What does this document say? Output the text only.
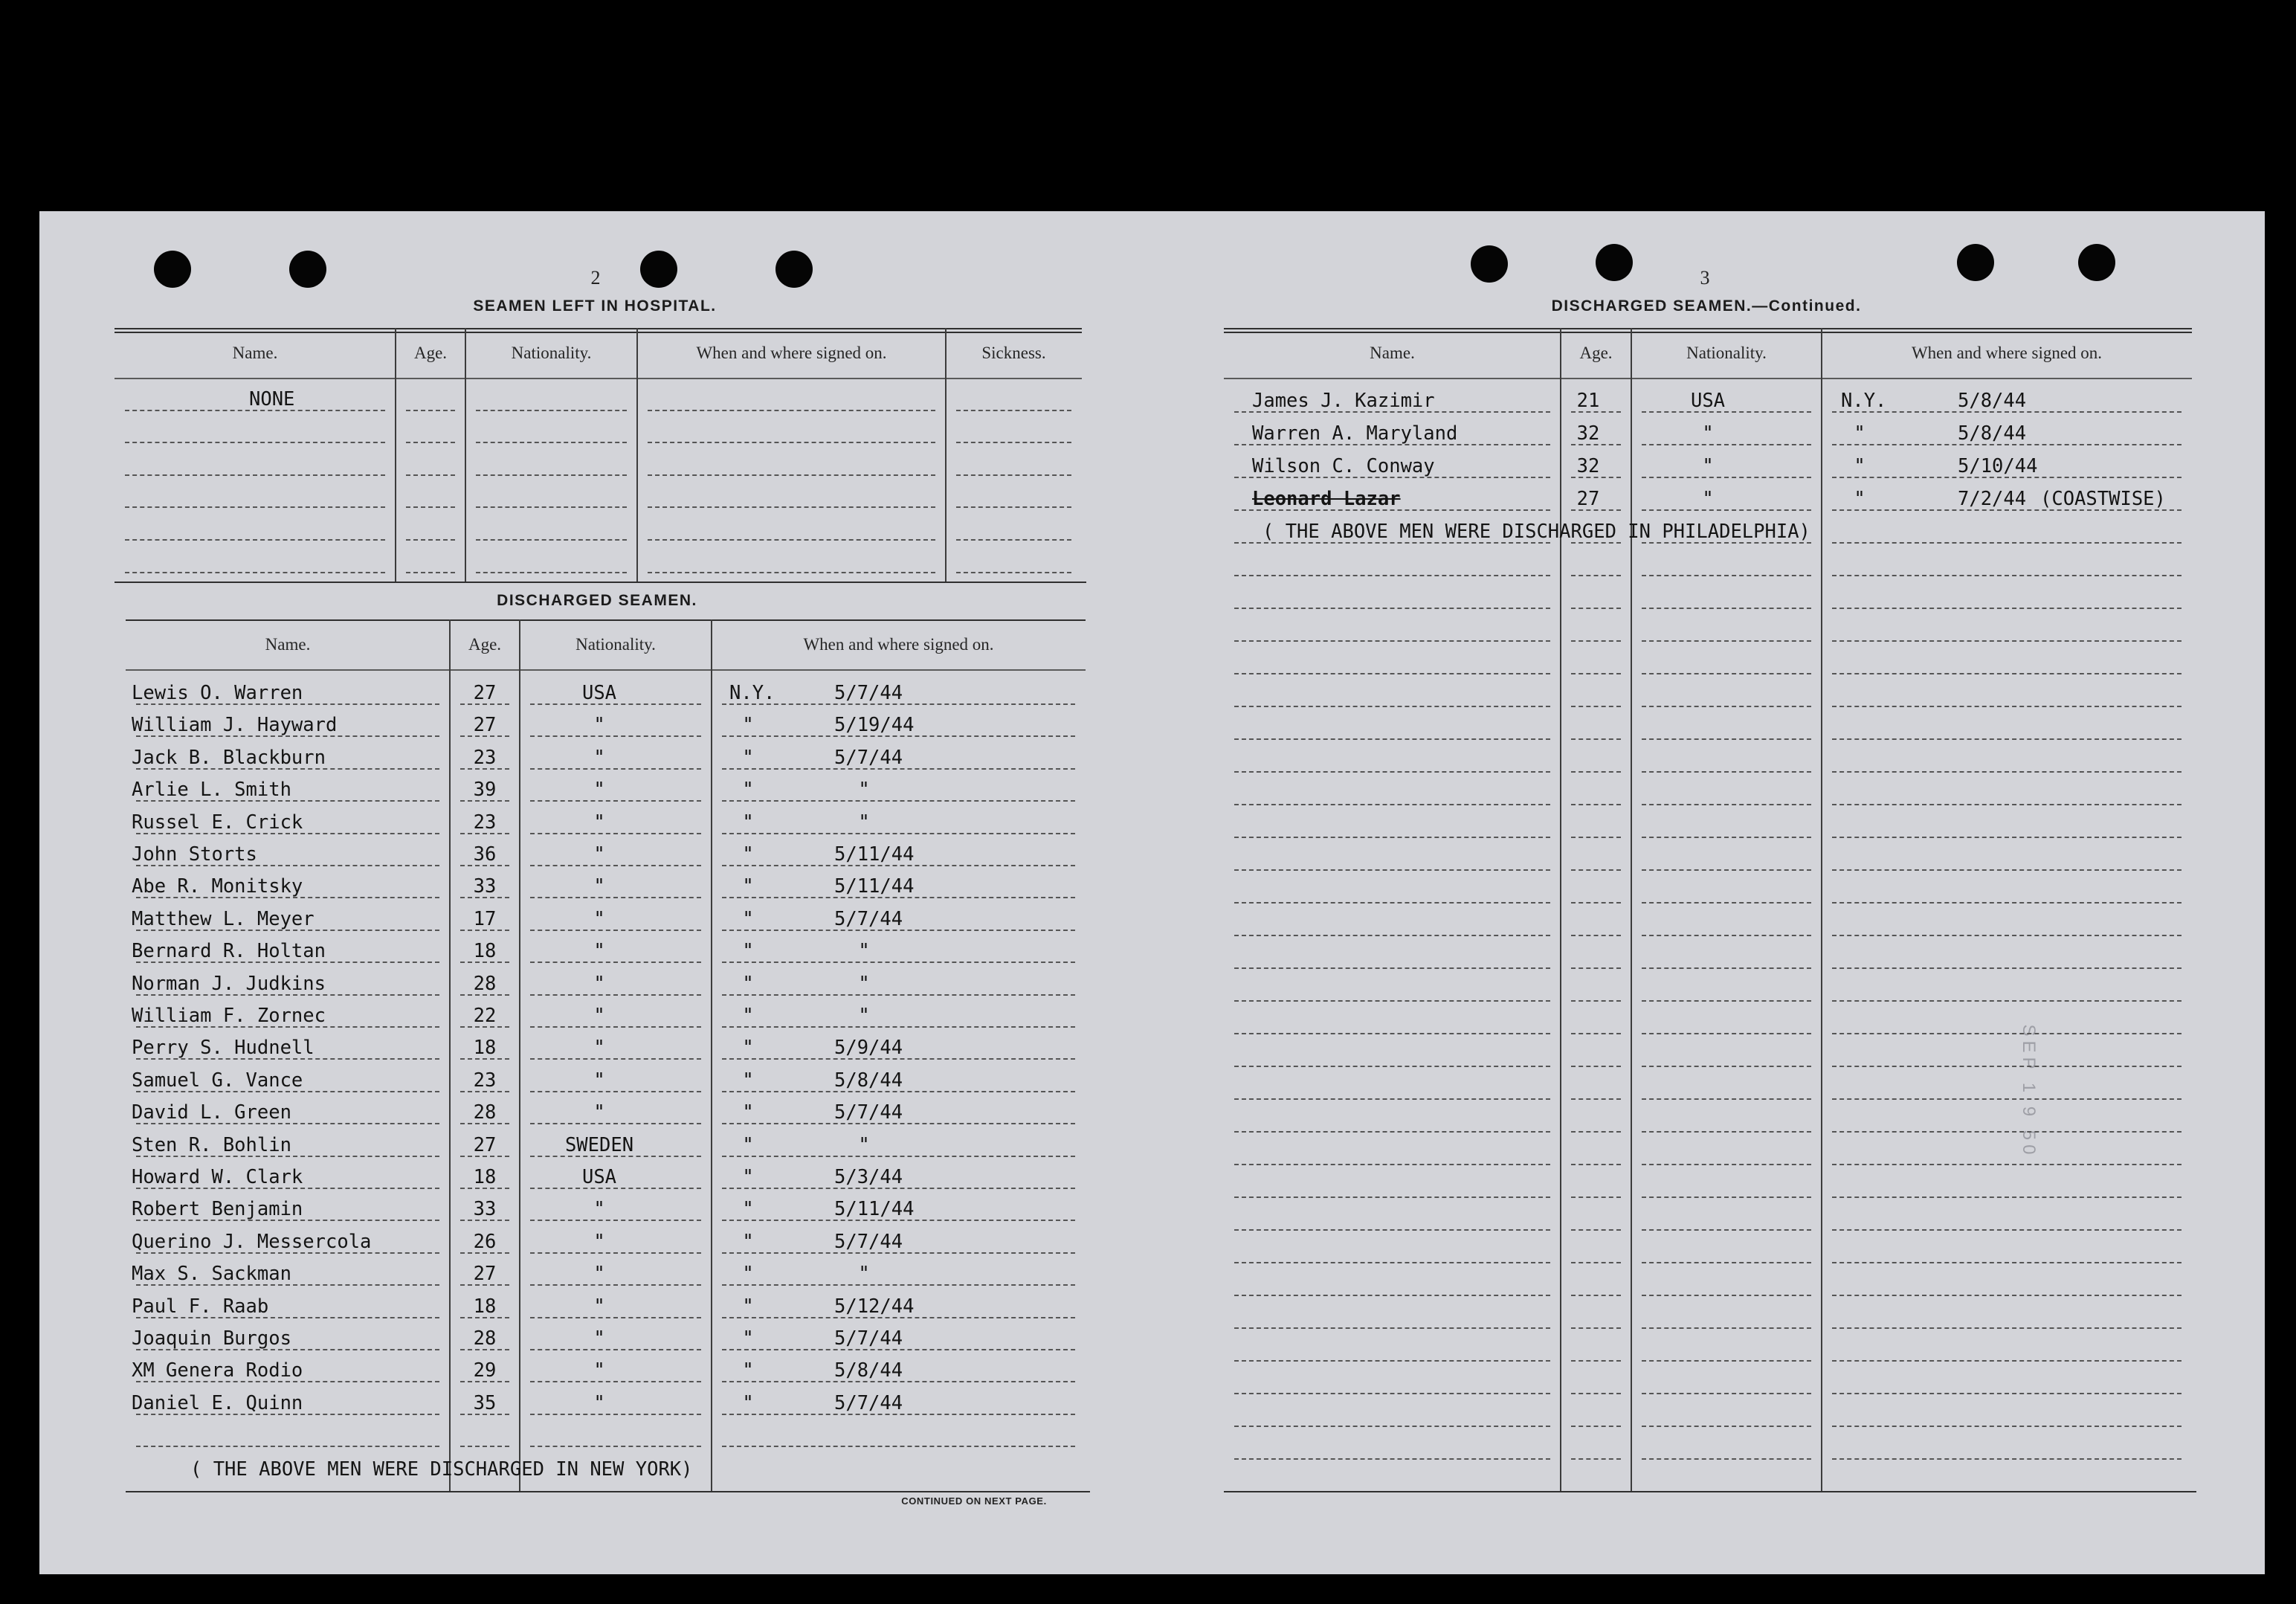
2
SEAMEN LEFT IN HOSPITAL.
DISCHARGED SEAMEN.
CONTINUED ON NEXT PAGE.
3
DISCHARGED SEAMEN.—Continued.
SEP 1 9 50
Name.	Age.	Nationality.	When and where signed on.	Sickness.
NONE
Name.	Age.	Nationality.	When and where signed on.
Lewis O. Warren	27	USA	N.Y.	5/7/44
William J. Hayward	27	"	"	5/19/44
Jack B. Blackburn	23	"	"	5/7/44
Arlie L. Smith	39	"	"	"
Russel E. Crick	23	"	"	"
John Storts	36	"	"	5/11/44
Abe R. Monitsky	33	"	"	5/11/44
Matthew L. Meyer	17	"	"	5/7/44
Bernard R. Holtan	18	"	"	"
Norman J. Judkins	28	"	"	"
William F. Zornec	22	"	"	"
Perry S. Hudnell	18	"	"	5/9/44
Samuel G. Vance	23	"	"	5/8/44
David L. Green	28	"	"	5/7/44
Sten R. Bohlin	27	SWEDEN	"	"
Howard W. Clark	18	USA	"	5/3/44
Robert Benjamin	33	"	"	5/11/44
Querino J. Messercola	26	"	"	5/7/44
Max S. Sackman	27	"	"	"
Paul F. Raab	18	"	"	5/12/44
Joaquin Burgos	28	"	"	5/7/44
XM Genera Rodio	29	"	"	5/8/44
Daniel E. Quinn	35	"	"	5/7/44
( THE ABOVE MEN WERE DISCHARGED IN NEW YORK)
Name.	Age.	Nationality.	When and where signed on.
James J. Kazimir	21	USA	N.Y.	5/8/44
Warren A. Maryland	32	"	"	5/8/44
Wilson C. Conway	32	"	"	5/10/44
Leonard Lazar	27	"	"	7/2/44 (COASTWISE)
( THE ABOVE MEN WERE DISCHARGED IN PHILADELPHIA)
